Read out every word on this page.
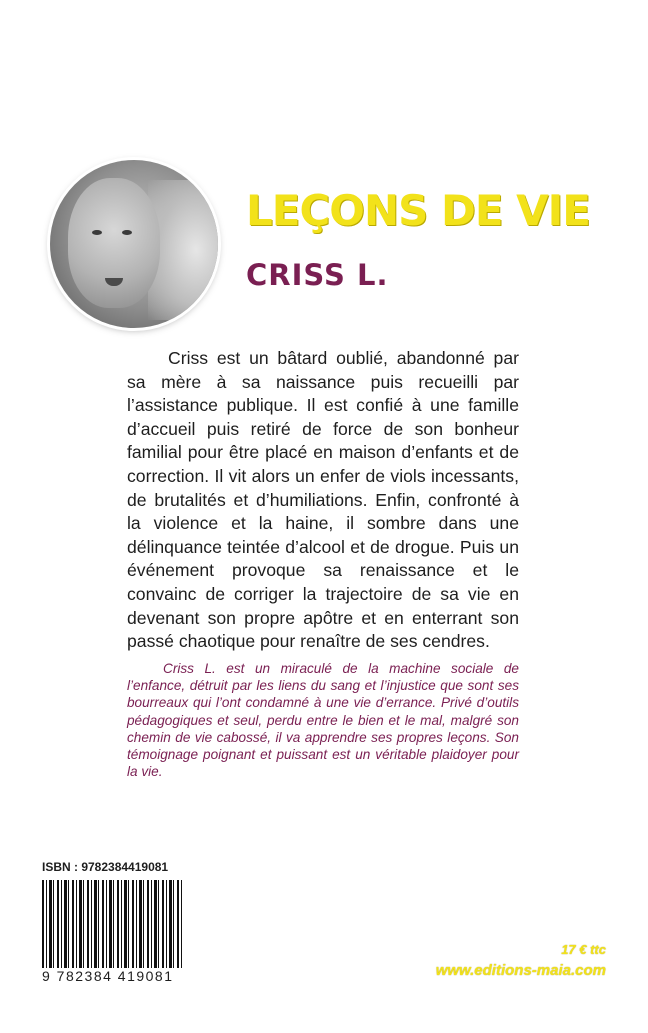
LEÇONS DE VIE
CRISS L.

Criss est un bâtard oublié, abandonné par sa mère à sa naissance puis recueilli par l’assistance publique. Il est confié à une famille d’accueil puis retiré de force de son bonheur familial pour être placé en maison d’enfants et de correction. Il vit alors un enfer de viols incessants, de brutalités et d’humiliations. Enfin, confronté à la violence et la haine, il sombre dans une délinquance teintée d’alcool et de drogue. Puis un événement provoque sa renaissance et le convainc de corriger la trajectoire de sa vie en devenant son propre apôtre et en enterrant son passé chaotique pour renaître de ses cendres.

Criss L. est un miraculé de la machine sociale de l’enfance, détruit par les liens du sang et l’injustice que sont ses bourreaux qui l’ont condamné à une vie d’errance. Privé d’outils pédagogiques et seul, perdu entre le bien et le mal, malgré son chemin de vie cabossé, il va apprendre ses propres leçons. Son témoignage poignant et puissant est un véritable plaidoyer pour la vie.

ISBN : 9782384419081
9 782384 419081
17 € ttc
www.editions-maia.com
